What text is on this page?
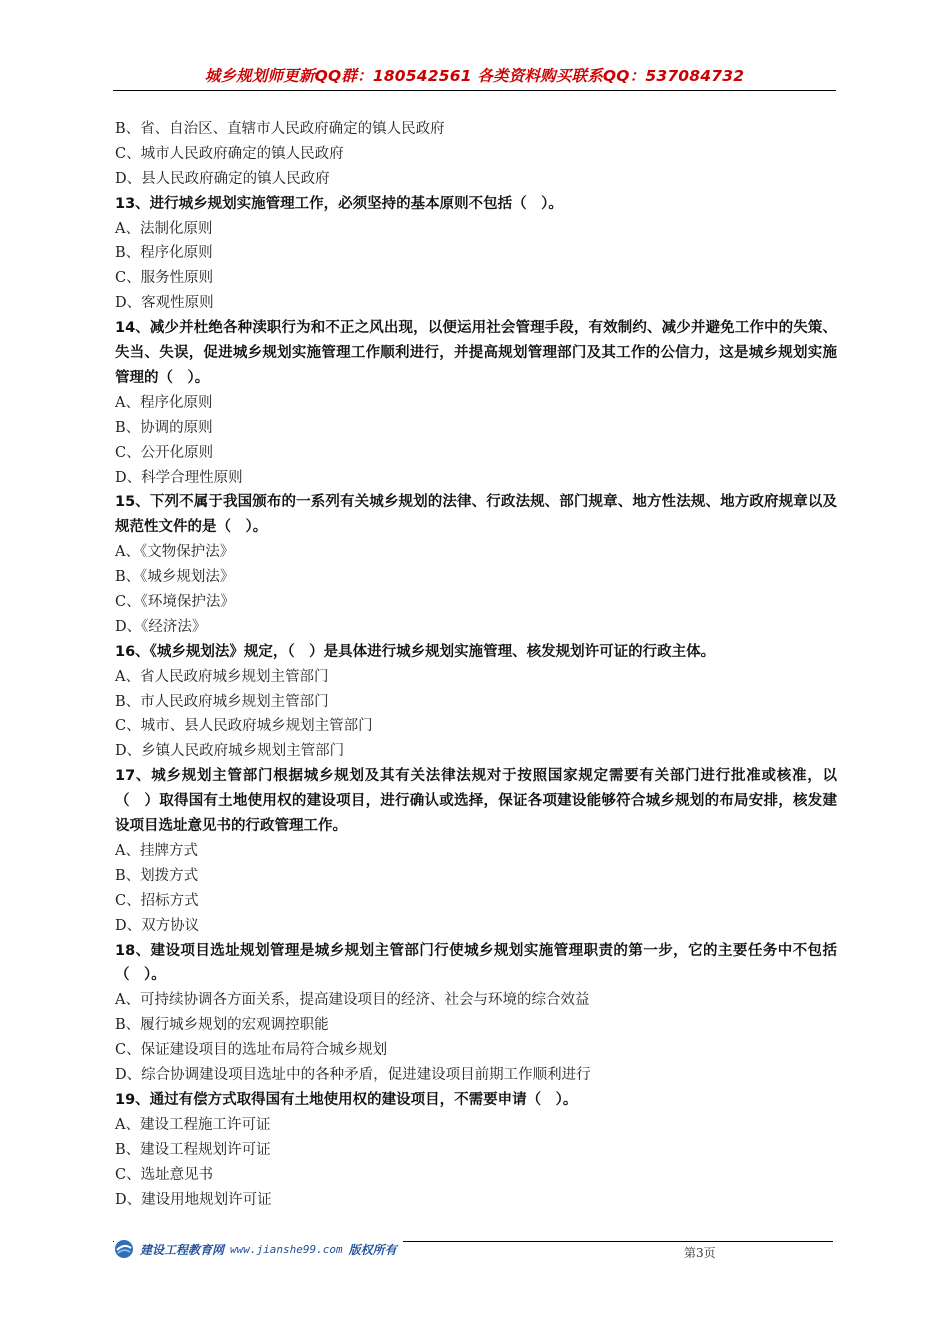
城乡规划师更新QQ群：180542561 各类资料购买联系QQ：537084732
B、省、自治区、直辖市人民政府确定的镇人民政府
C、城市人民政府确定的镇人民政府
D、县人民政府确定的镇人民政府
13、进行城乡规划实施管理工作，必须坚持的基本原则不包括（　）。
A、法制化原则
B、程序化原则
C、服务性原则
D、客观性原则
14、减少并杜绝各种渎职行为和不正之风出现，以便运用社会管理手段，有效制约、减少并避免工作中的失策、失当、失误，促进城乡规划实施管理工作顺利进行，并提高规划管理部门及其工作的公信力，这是城乡规划实施管理的（　）。
A、程序化原则
B、协调的原则
C、公开化原则
D、科学合理性原则
15、下列不属于我国颁布的一系列有关城乡规划的法律、行政法规、部门规章、地方性法规、地方政府规章以及规范性文件的是（　）。
A、《文物保护法》
B、《城乡规划法》
C、《环境保护法》
D、《经济法》
16、《城乡规划法》规定，（　）是具体进行城乡规划实施管理、核发规划许可证的行政主体。
A、省人民政府城乡规划主管部门
B、市人民政府城乡规划主管部门
C、城市、县人民政府城乡规划主管部门
D、乡镇人民政府城乡规划主管部门
17、城乡规划主管部门根据城乡规划及其有关法律法规对于按照国家规定需要有关部门进行批准或核准，以（　）取得国有土地使用权的建设项目，进行确认或选择，保证各项建设能够符合城乡规划的布局安排，核发建设项目选址意见书的行政管理工作。
A、挂牌方式
B、划拨方式
C、招标方式
D、双方协议
18、建设项目选址规划管理是城乡规划主管部门行使城乡规划实施管理职责的第一步，它的主要任务中不包括（　）。
A、可持续协调各方面关系，提高建设项目的经济、社会与环境的综合效益
B、履行城乡规划的宏观调控职能
C、保证建设项目的选址布局符合城乡规划
D、综合协调建设项目选址中的各种矛盾，促进建设项目前期工作顺利进行
19、通过有偿方式取得国有土地使用权的建设项目，不需要申请（　）。
A、建设工程施工许可证
B、建设工程规划许可证
C、选址意见书
D、建设用地规划许可证
建设工程教育网 www.jianshe99.com 版权所有	第3页
